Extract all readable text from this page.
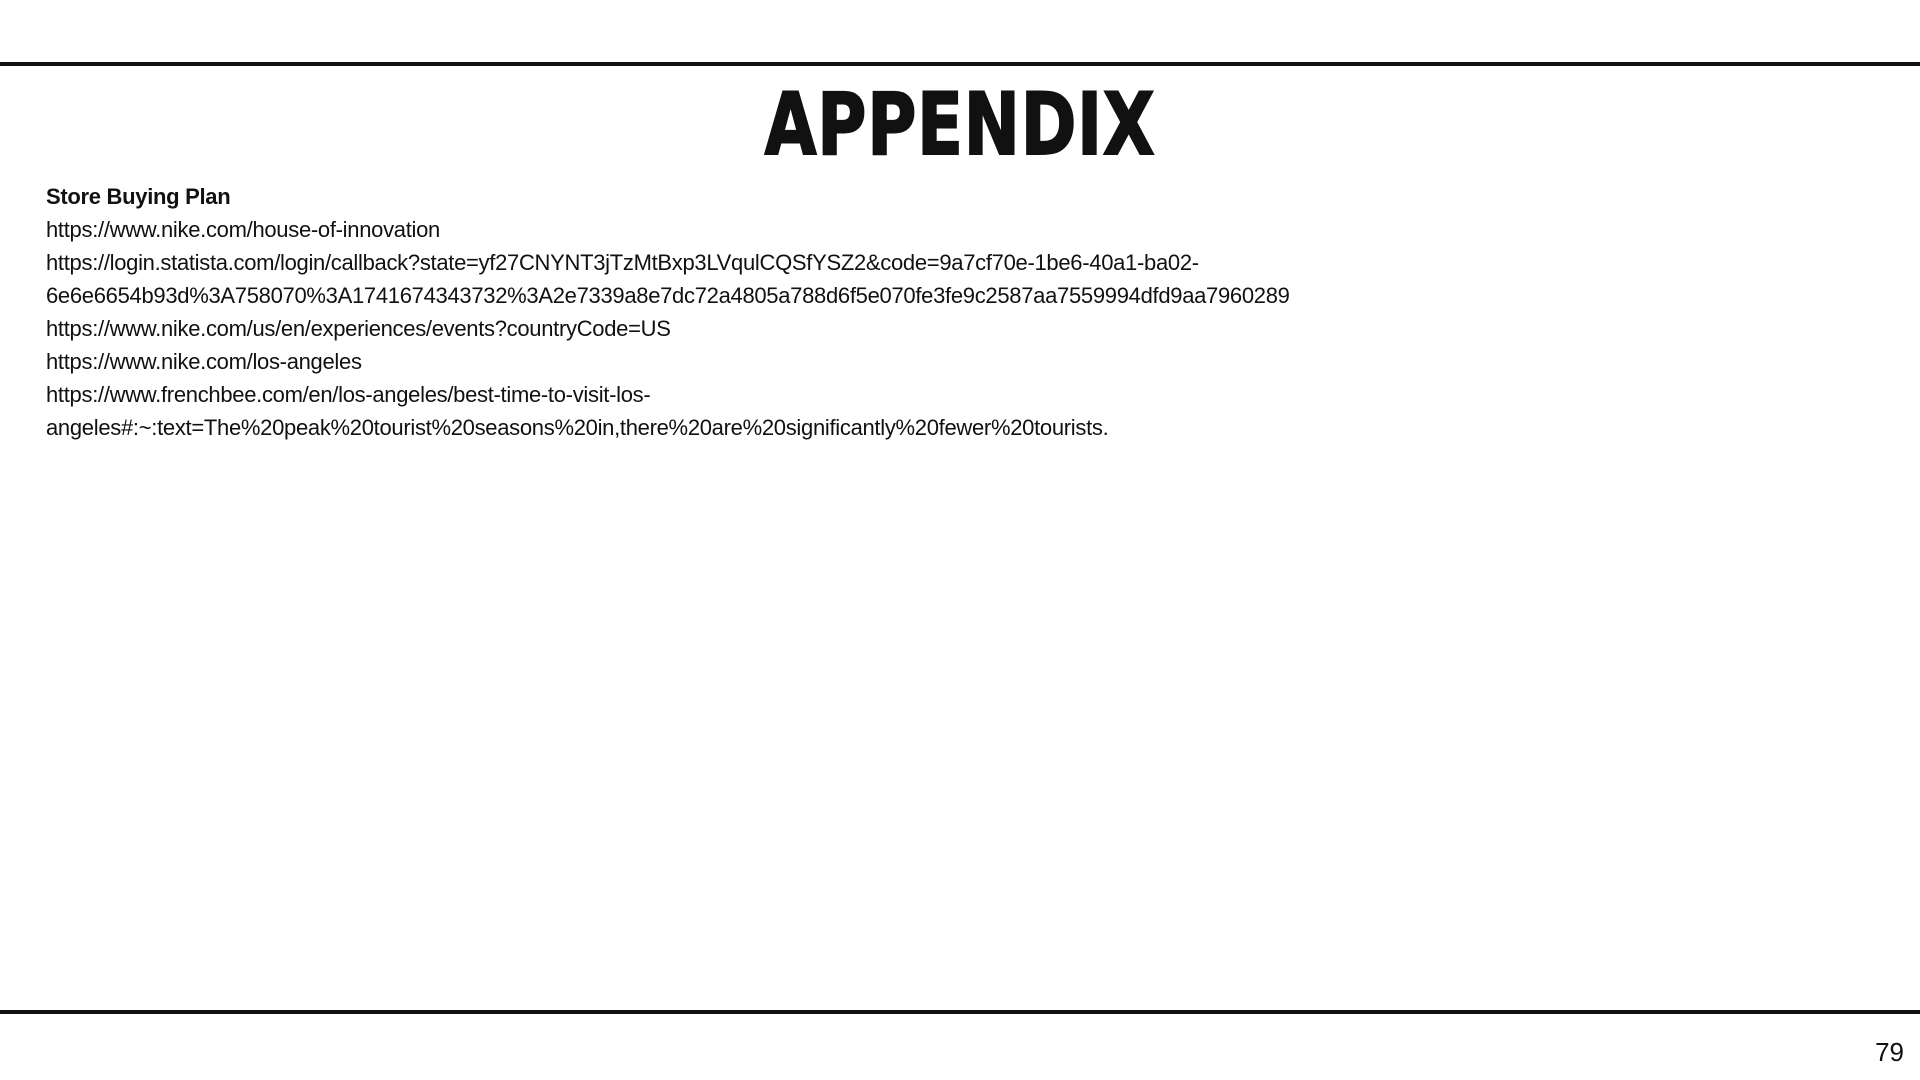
APPENDIX
Store Buying Plan
https://www.nike.com/house-of-innovation
https://login.statista.com/login/callback?state=yf27CNYNT3jTzMtBxp3LVqulCQSfYSZ2&code=9a7cf70e-1be6-40a1-ba02-
6e6e6654b93d%3A758070%3A1741674343732%3A2e7339a8e7dc72a4805a788d6f5e070fe3fe9c2587aa7559994dfd9aa7960289
https://www.nike.com/us/en/experiences/events?countryCode=US
https://www.nike.com/los-angeles
https://www.frenchbee.com/en/los-angeles/best-time-to-visit-los-
angeles#:~:text=The%20peak%20tourist%20seasons%20in,there%20are%20significantly%20fewer%20tourists.
79
